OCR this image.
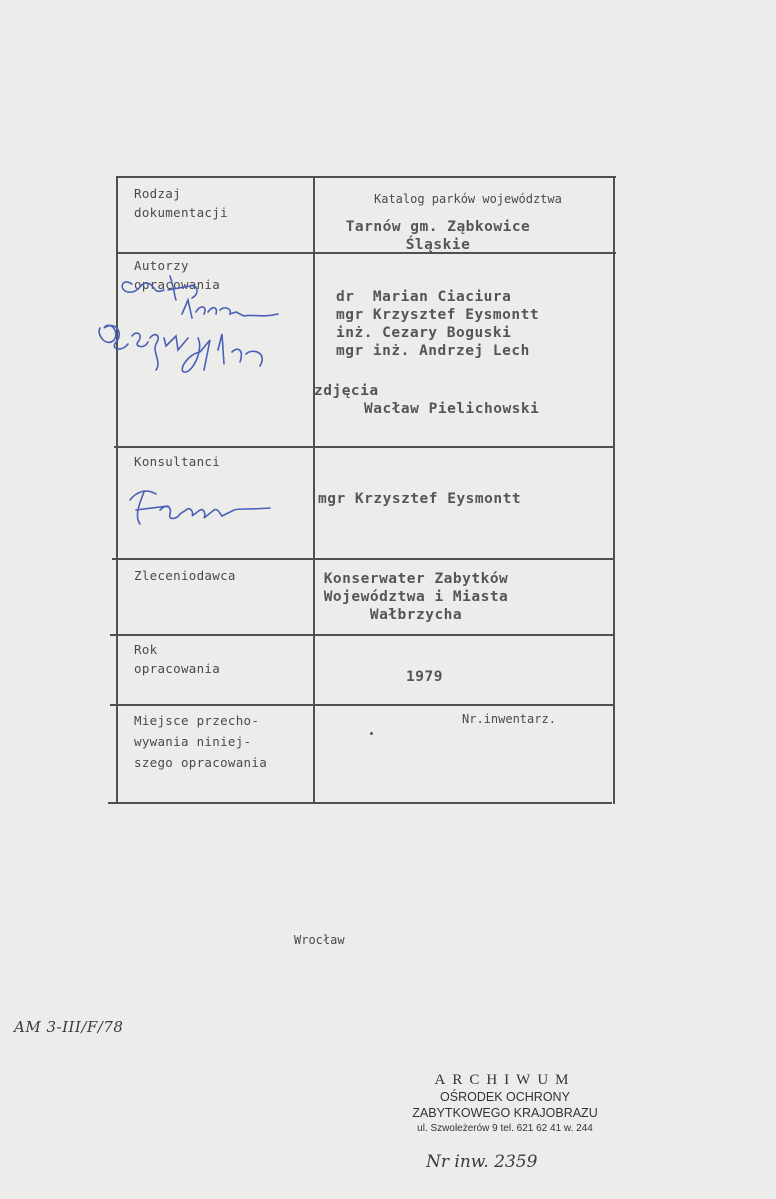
Rodzaj
dokumentacji
Katalog parków województwa
Tarnów gm. Ząbkowice
Śląskie
Autorzy
opracowania
dr  Marian Ciaciura
mgr Krzysztef Eysmontt
inż. Cezary Boguski
mgr inż. Andrzej Lech
zdjęcia
Wacław Pielichowski
Konsultanci
mgr Krzysztef Eysmontt
Zleceniodawca	Konserwater Zabytków
Województwa i Miasta
Wałbrzycha
Rok
opracowania
1979
Miejsce przecho-
wywania niniej-
szego opracowania
Nr.inwentarz.
Wrocław
AM 3-III/F/78
ARCHIWUM
OŚRODEK OCHRONY
ZABYTKOWEGO KRAJOBRAZU
ul. Szwoleżerów 9 tel. 621 62 41 w. 244
Nr inw. 2359
